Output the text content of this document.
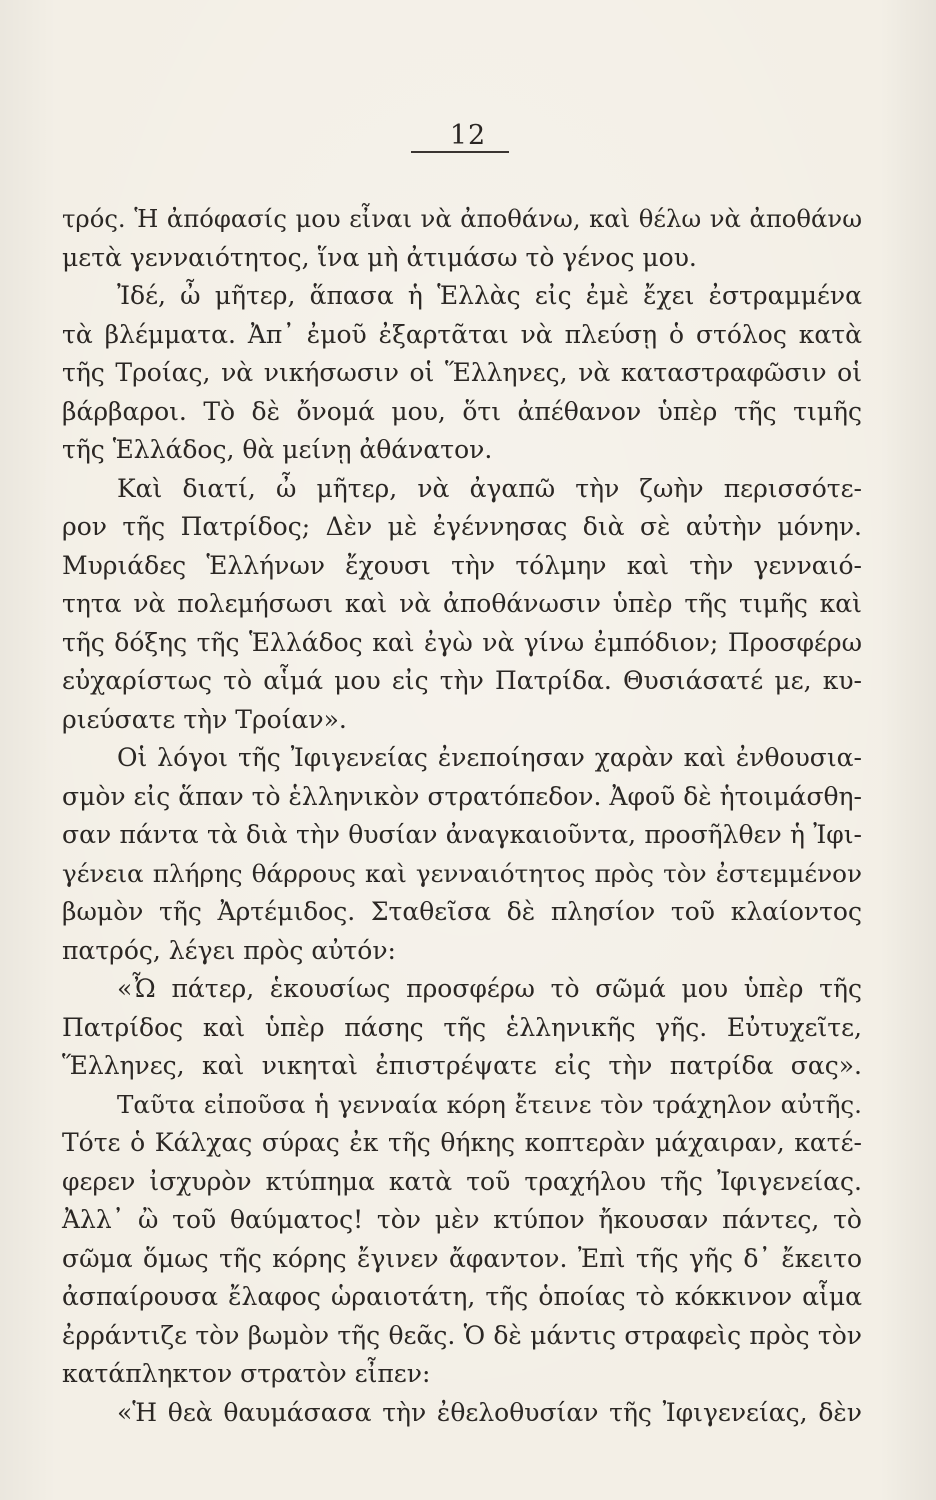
12
τρός. Ἡ ἀπόφασίς μου εἶναι νὰ ἀποθάνω, καὶ θέλω νὰ ἀποθάνω
μετὰ γενναιότητος, ἵνα μὴ ἀτιμάσω τὸ γένος μου.
Ἰδέ, ὦ μῆτερ, ἅπασα ἡ Ἑλλὰς εἰς ἐμὲ ἔχει ἐστραμμένα
τὰ βλέμματα. Ἀπ᾽ ἐμοῦ ἐξαρτᾶται νὰ πλεύσῃ ὁ στόλος κατὰ
τῆς Τροίας, νὰ νικήσωσιν οἱ Ἕλληνες, νὰ καταστραφῶσιν οἱ
βάρβαροι. Τὸ δὲ ὄνομά μου, ὅτι ἀπέθανον ὑπὲρ τῆς τιμῆς
τῆς Ἑλλάδος, θὰ μείνῃ ἀθάνατον.
Καὶ διατί, ὦ μῆτερ, νὰ ἀγαπῶ τὴν ζωὴν περισσότε-
ρον τῆς Πατρίδος; Δὲν μὲ ἐγέννησας διὰ σὲ αὐτὴν μόνην.
Μυριάδες Ἑλλήνων ἔχουσι τὴν τόλμην καὶ τὴν γενναιό-
τητα νὰ πολεμήσωσι καὶ νὰ ἀποθάνωσιν ὑπὲρ τῆς τιμῆς καὶ
τῆς δόξης τῆς Ἑλλάδος καὶ ἐγὼ νὰ γίνω ἐμπόδιον; Προσφέρω
εὐχαρίστως τὸ αἷμά μου εἰς τὴν Πατρίδα. Θυσιάσατέ με, κυ-
ριεύσατε τὴν Τροίαν».
Οἱ λόγοι τῆς Ἰφιγενείας ἐνεποίησαν χαρὰν καὶ ἐνθουσια-
σμὸν εἰς ἅπαν τὸ ἑλληνικὸν στρατόπεδον. Ἀφοῦ δὲ ἡτοιμάσθη-
σαν πάντα τὰ διὰ τὴν θυσίαν ἀναγκαιοῦντα, προσῆλθεν ἡ Ἰφι-
γένεια πλήρης θάρρους καὶ γενναιότητος πρὸς τὸν ἐστεμμένον
βωμὸν τῆς Ἀρτέμιδος. Σταθεῖσα δὲ πλησίον τοῦ κλαίοντος
πατρός, λέγει πρὸς αὐτόν:
«Ὦ πάτερ, ἑκουσίως προσφέρω τὸ σῶμά μου ὑπὲρ τῆς
Πατρίδος καὶ ὑπὲρ πάσης τῆς ἑλληνικῆς γῆς. Εὐτυχεῖτε,
Ἕλληνες, καὶ νικηταὶ ἐπιστρέψατε εἰς τὴν πατρίδα σας».
Ταῦτα εἰποῦσα ἡ γενναία κόρη ἔτεινε τὸν τράχηλον αὐτῆς.
Τότε ὁ Κάλχας σύρας ἐκ τῆς θήκης κοπτερὰν μάχαιραν, κατέ-
φερεν ἰσχυρὸν κτύπημα κατὰ τοῦ τραχήλου τῆς Ἰφιγενείας.
Ἀλλ᾽ ὢ τοῦ θαύματος! τὸν μὲν κτύπον ἤκουσαν πάντες, τὸ
σῶμα ὅμως τῆς κόρης ἔγινεν ἄφαντον. Ἐπὶ τῆς γῆς δ᾽ ἔκειτο
ἀσπαίρουσα ἔλαφος ὡραιοτάτη, τῆς ὁποίας τὸ κόκκινον αἷμα
ἐρράντιζε τὸν βωμὸν τῆς θεᾶς. Ὁ δὲ μάντις στραφεὶς πρὸς τὸν
κατάπληκτον στρατὸν εἶπεν:
«Ἡ θεὰ θαυμάσασα τὴν ἐθελοθυσίαν τῆς Ἰφιγενείας, δὲν
